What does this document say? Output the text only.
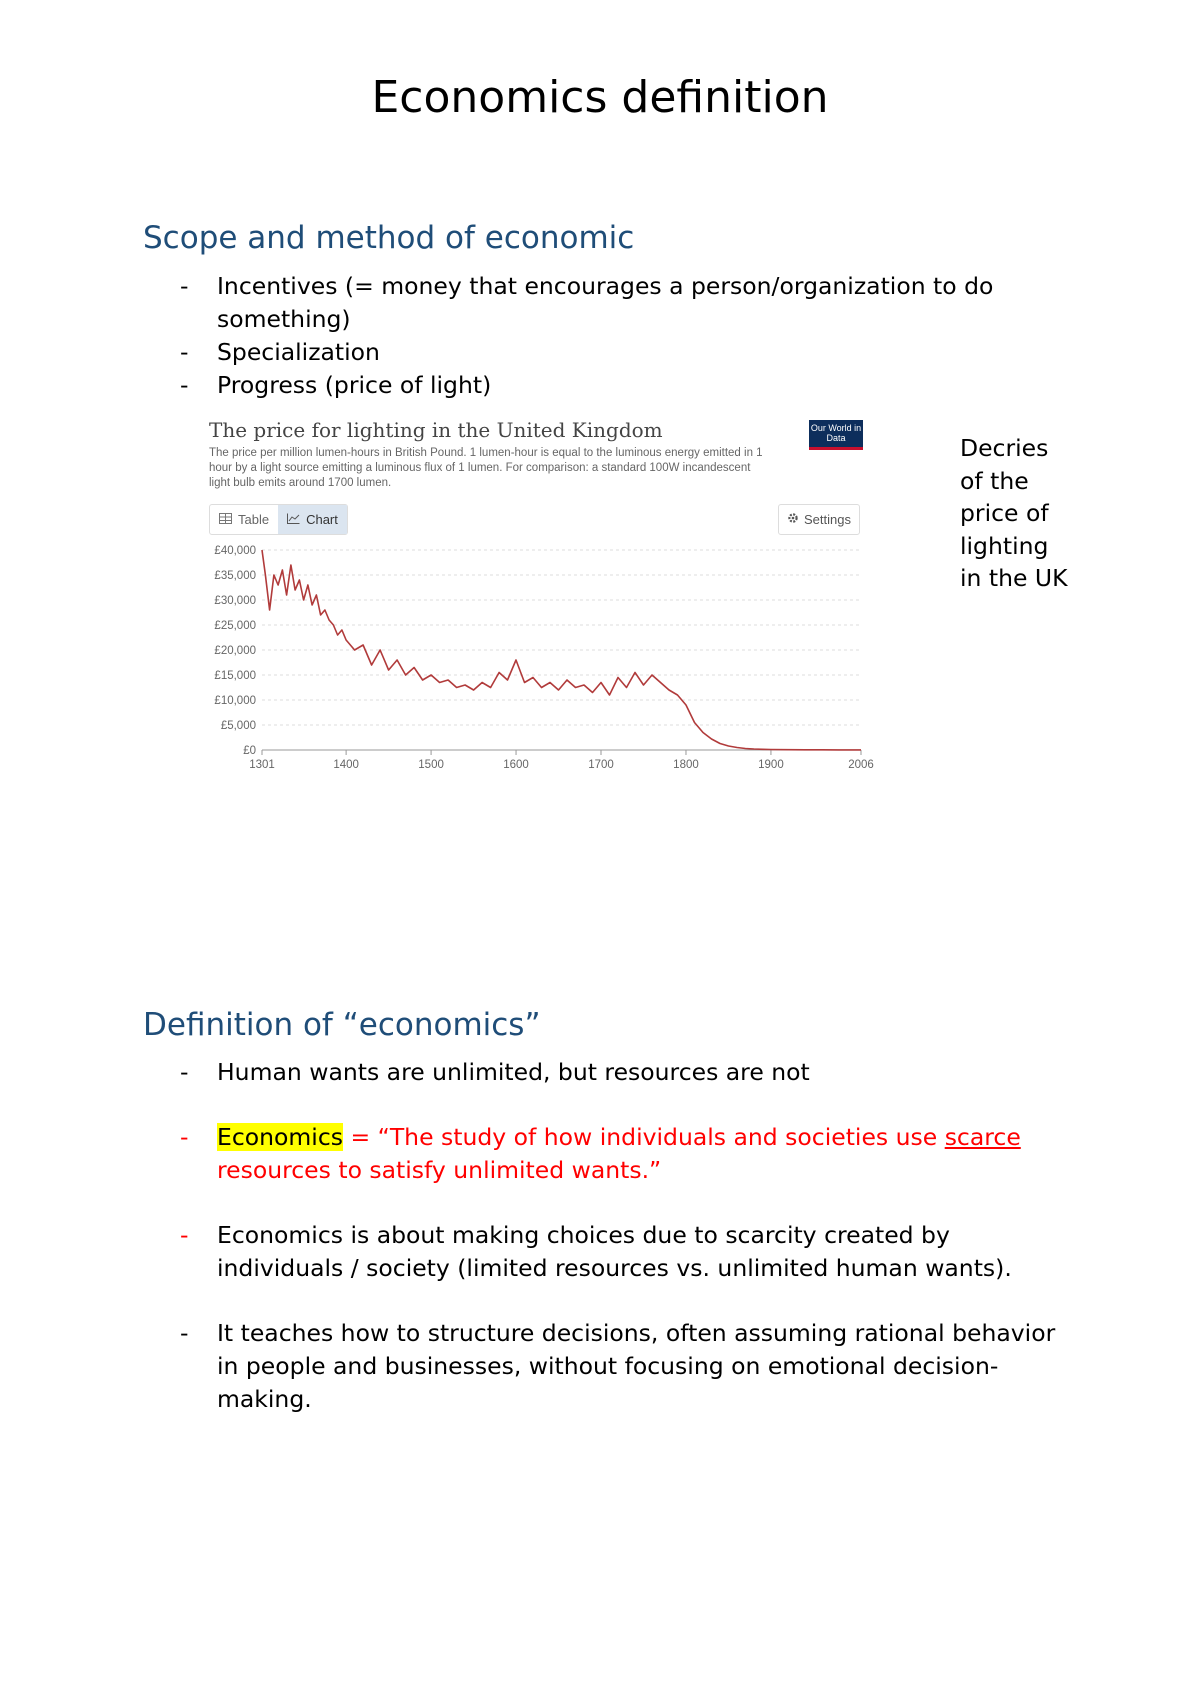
Economics definition
Scope and method of economic
- Incentives (= money that encourages a person/organization to do something)
- Specialization
- Progress (price of light)
The price for lighting in the United Kingdom
The price per million lumen-hours in British Pound. 1 lumen-hour is equal to the luminous energy emitted in 1 hour by a light source emitting a luminous flux of 1 lumen. For comparison: a standard 100W incandescent light bulb emits around 1700 lumen.
Our World in Data
Table	Chart	Settings
£0
£5,000
£10,000
£15,000
£20,000
£25,000
£30,000
£35,000
£40,000
1301	1400	1500	1600	1700	1800	1900	2006
Decries of the price of lighting in the UK
Definition of “economics”
- Human wants are unlimited, but resources are not
- Economics = “The study of how individuals and societies use scarce resources to satisfy unlimited wants.”
- Economics is about making choices due to scarcity created by individuals / society (limited resources vs. unlimited human wants).
- It teaches how to structure decisions, often assuming rational behavior in people and businesses, without focusing on emotional decision-making.
